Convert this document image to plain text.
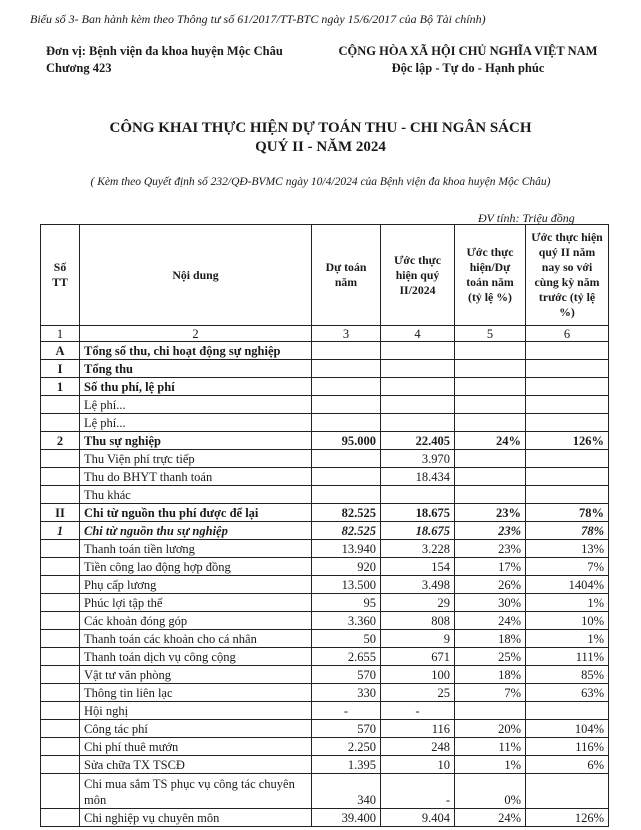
Biểu số 3- Ban hành kèm theo Thông tư số 61/2017/TT-BTC ngày 15/6/2017 của Bộ Tài chính)
Đơn vị: Bệnh viện đa khoa huyện Mộc Châu
Chương 423
CỘNG HÒA XÃ HỘI CHỦ NGHĨA VIỆT NAM
Độc lập - Tự do - Hạnh phúc
CÔNG KHAI THỰC HIỆN DỰ TOÁN THU - CHI NGÂN SÁCH
QUÝ II - NĂM 2024
( Kèm theo Quyết định số 232/QĐ-BVMC ngày 10/4/2024 của Bệnh viện đa khoa huyện Mộc Châu)
ĐV tính: Triệu đồng
Số TT	Nội dung	Dự toán năm	Ước thực hiện quý II/2024	Ước thực hiện/Dự toán năm (tỷ lệ %)	Ước thực hiện quý II năm nay so với cùng kỳ năm trước (tỷ lệ %)
1	2	3	4	5	6
A	Tổng số thu, chi hoạt động sự nghiệp				
I	Tổng thu				
1	Số thu phí, lệ phí				
	Lệ phí...				
	Lệ phí...				
2	Thu sự nghiệp	95.000	22.405	24%	126%
	Thu Viện phí trực tiếp		3.970		
	Thu do BHYT thanh toán		18.434		
	Thu khác				
II	Chi từ nguồn thu phí được để lại	82.525	18.675	23%	78%
1	Chi từ nguồn thu sự nghiệp	82.525	18.675	23%	78%
	Thanh toán tiền lương	13.940	3.228	23%	13%
	Tiền công lao động hợp đồng	920	154	17%	7%
	Phụ cấp lương	13.500	3.498	26%	1404%
	Phúc lợi tập thể	95	29	30%	1%
	Các khoản đóng góp	3.360	808	24%	10%
	Thanh toán các khoản cho cá nhân	50	9	18%	1%
	Thanh toán dịch vụ công cộng	2.655	671	25%	111%
	Vật tư văn phòng	570	100	18%	85%
	Thông tin liên lạc	330	25	7%	63%
	Hội nghị	-	-		
	Công tác phí	570	116	20%	104%
	Chi phí thuê mướn	2.250	248	11%	116%
	Sửa chữa TX TSCĐ	1.395	10	1%	6%
	Chi mua sắm TS phục vụ công tác chuyên môn	340	-	0%	
	Chi nghiệp vụ chuyên môn	39.400	9.404	24%	126%
